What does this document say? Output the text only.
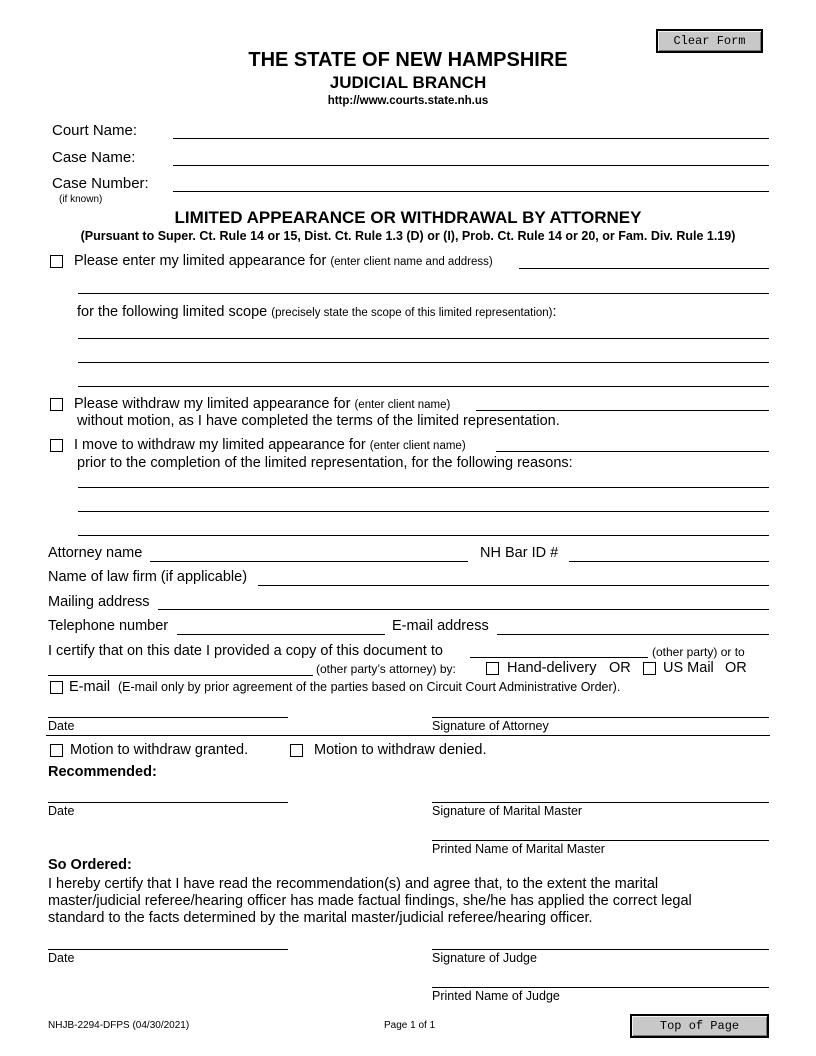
Clear Form
THE STATE OF NEW HAMPSHIRE
JUDICIAL BRANCH
http://www.courts.state.nh.us
Court Name:
Case Name:
Case Number:
(if known)
LIMITED APPEARANCE OR WITHDRAWAL BY ATTORNEY
(Pursuant to Super. Ct. Rule 14 or 15, Dist. Ct. Rule 1.3 (D) or (I), Prob. Ct. Rule 14 or 20, or Fam. Div. Rule 1.19)
Please enter my limited appearance for (enter client name and address)
for the following limited scope (precisely state the scope of this limited representation):
Please withdraw my limited appearance for (enter client name)
without motion, as I have completed the terms of the limited representation.
I move to withdraw my limited appearance for (enter client name)
prior to the completion of the limited representation, for the following reasons:
Attorney name	NH Bar ID #
Name of law firm (if applicable)
Mailing address
Telephone number	E-mail address
I certify that on this date I provided a copy of this document to	(other party) or to
(other party’s attorney) by:	Hand-delivery OR US Mail OR
E-mail (E-mail only by prior agreement of the parties based on Circuit Court Administrative Order).
Date	Signature of Attorney
Motion to withdraw granted.	Motion to withdraw denied.
Recommended:
Date	Signature of Marital Master
Printed Name of Marital Master
So Ordered:
I hereby certify that I have read the recommendation(s) and agree that, to the extent the marital
master/judicial referee/hearing officer has made factual findings, she/he has applied the correct legal
standard to the facts determined by the marital master/judicial referee/hearing officer.
Date	Signature of Judge
Printed Name of Judge
NHJB-2294-DFPS (04/30/2021)	Page 1 of 1	Top of Page
